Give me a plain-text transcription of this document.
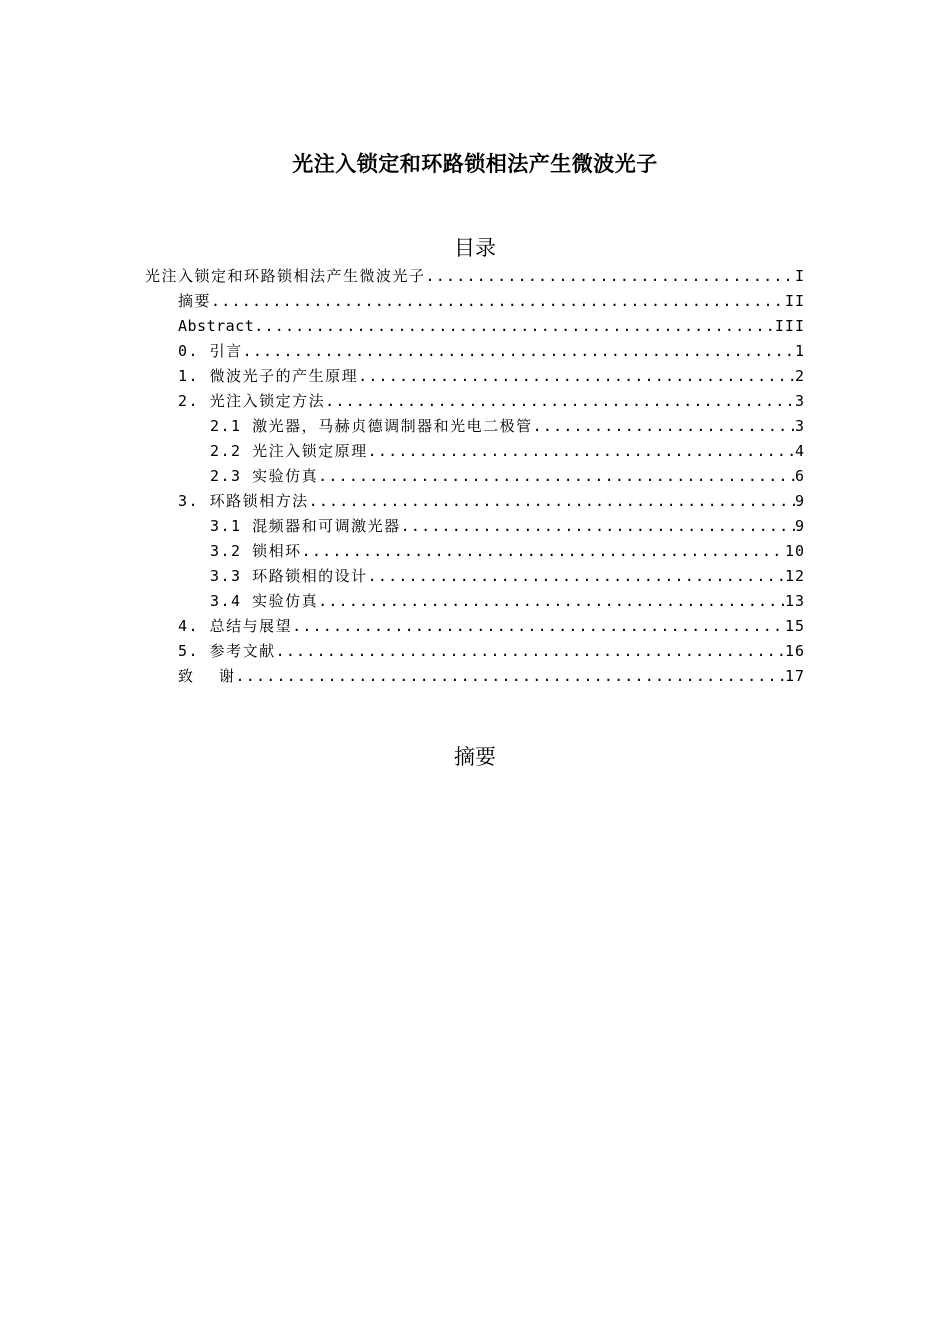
光注入锁定和环路锁相法产生微波光子
目录
光注入锁定和环路锁相法产生微波光子 .....	I
摘要 .....	II
Abstract .....	III
0. 引言 .....	1
1. 微波光子的产生原理 .....	2
2. 光注入锁定方法 .....	3
2.1 激光器，马赫贞德调制器和光电二极管 .....	3
2.2 光注入锁定原理 .....	4
2.3 实验仿真 .....	6
3. 环路锁相方法 .....	9
3.1 混频器和可调激光器 .....	9
3.2 锁相环 .....	10
3.3 环路锁相的设计 .....	12
3.4 实验仿真 .....	13
4. 总结与展望 .....	15
5. 参考文献 .....	16
致 谢 .....	17
摘要
